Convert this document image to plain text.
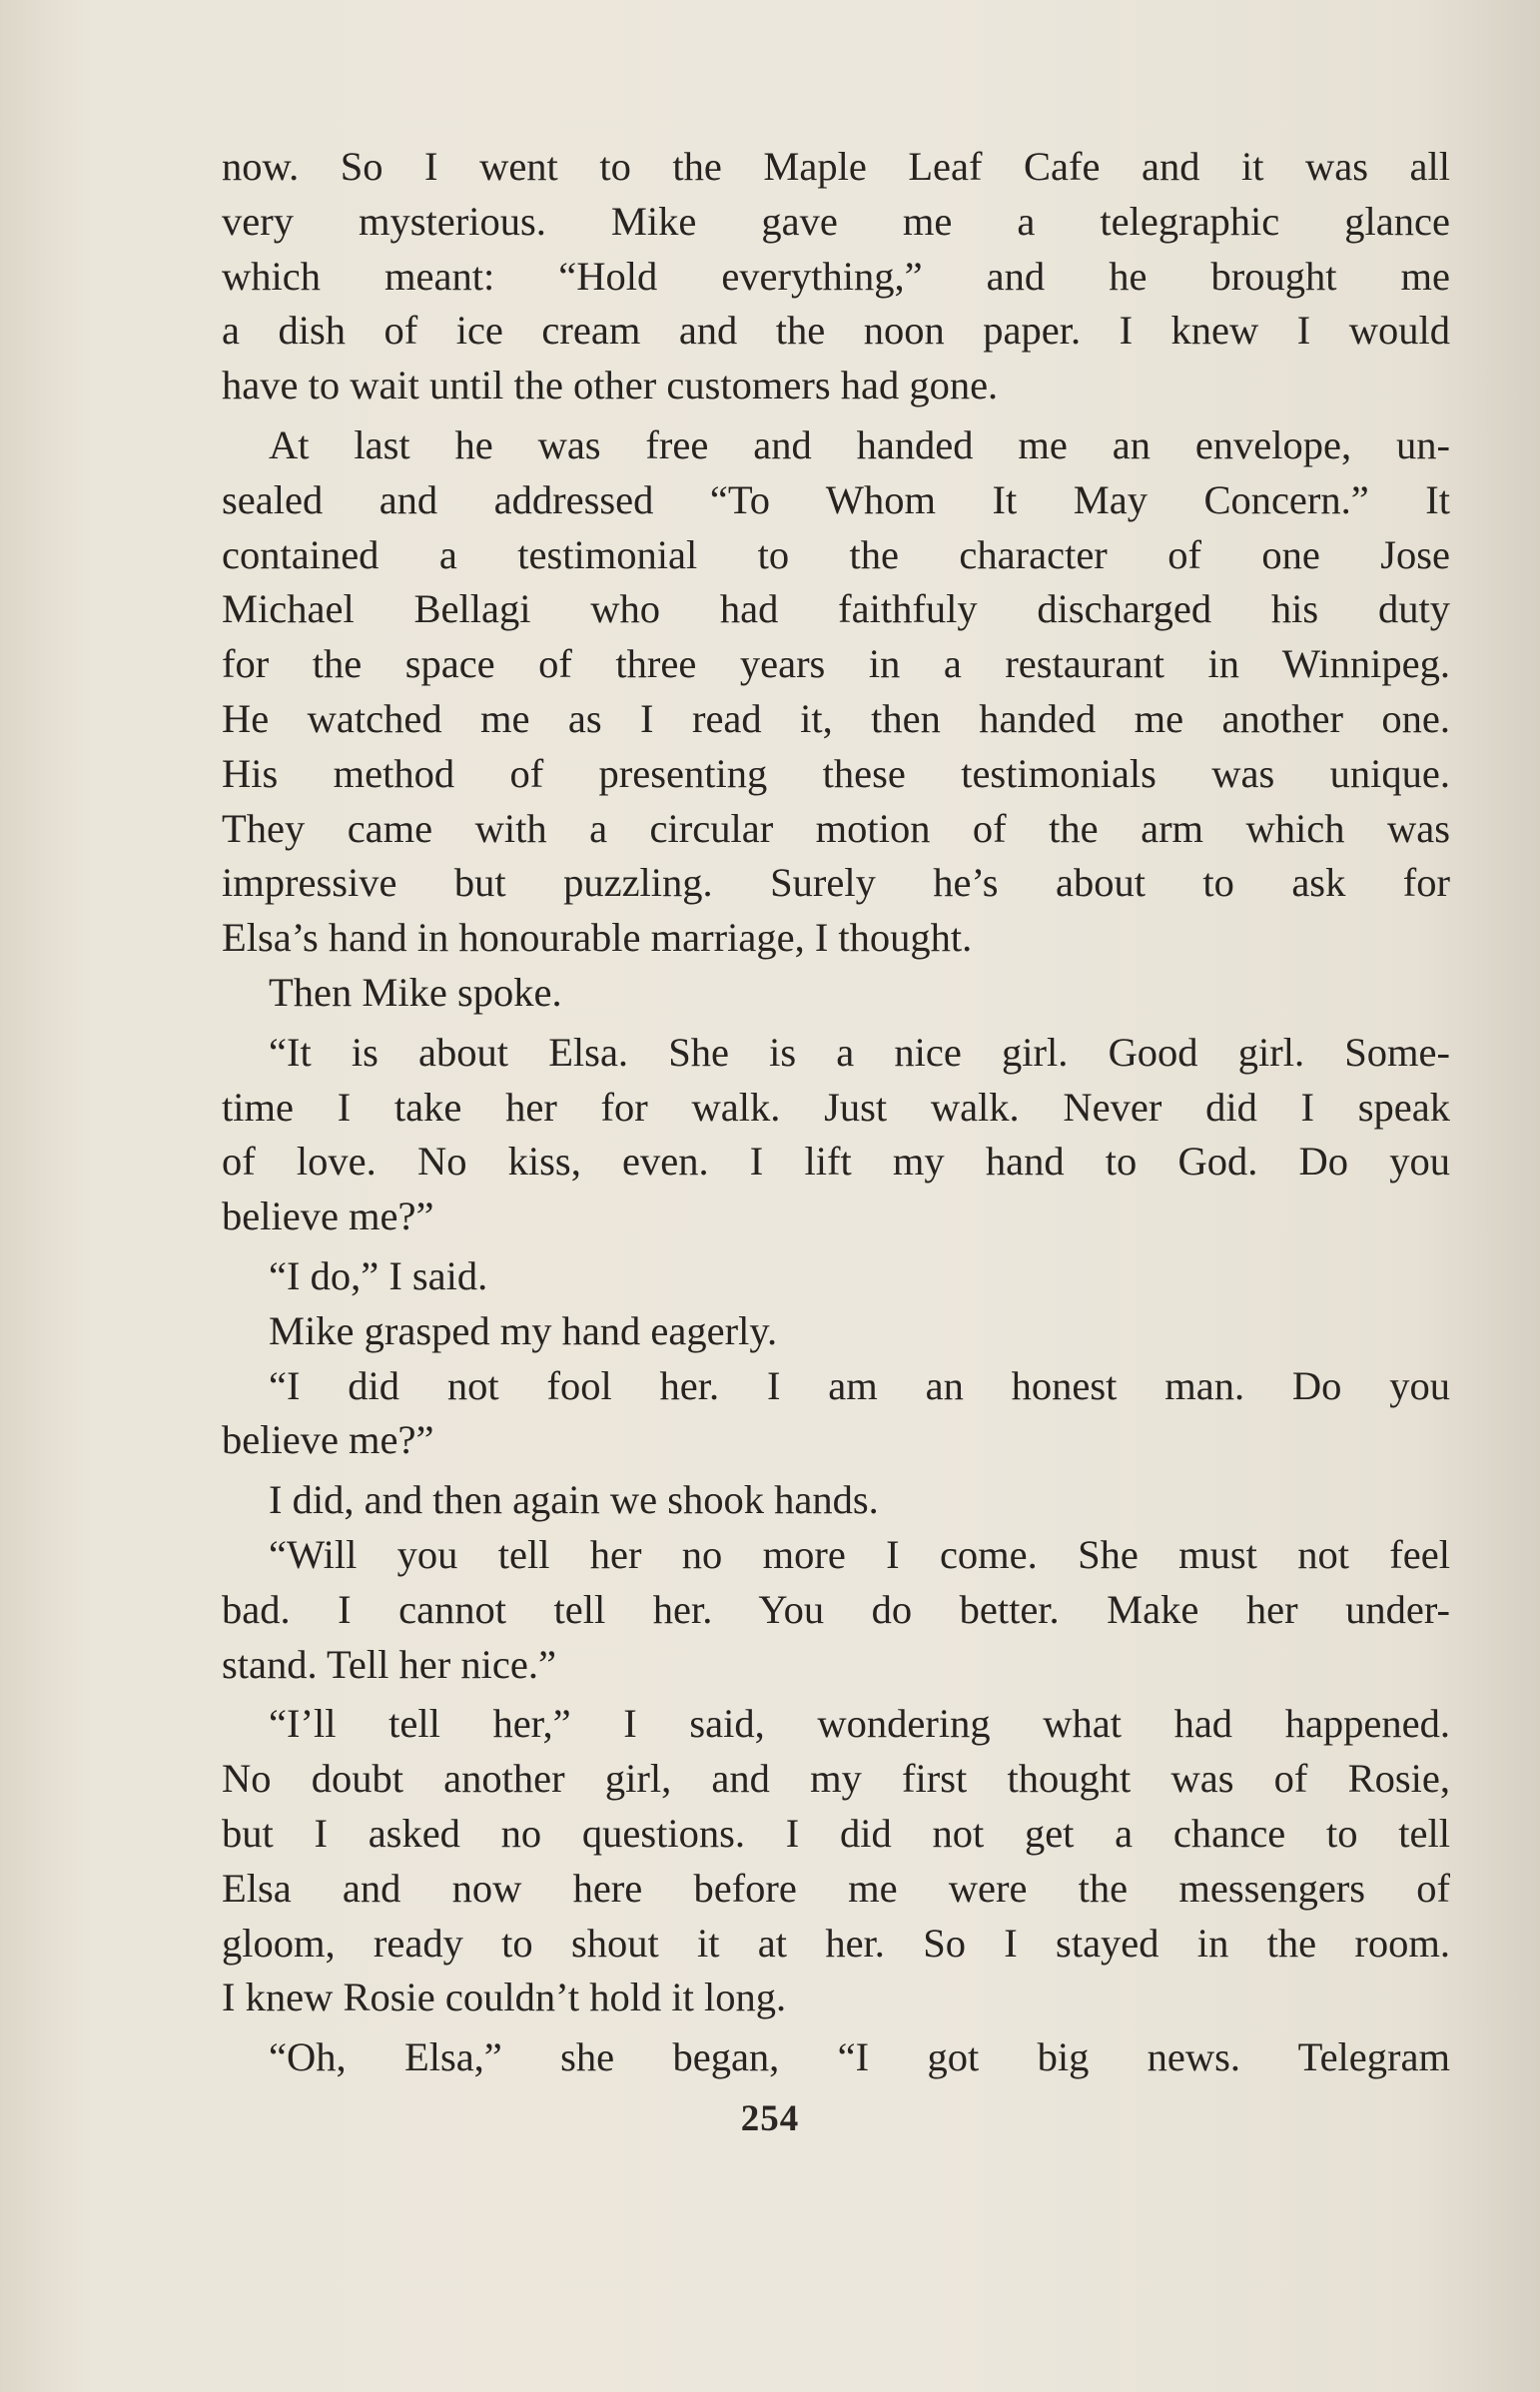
now. So I went to the Maple Leaf Cafe and it was all
very mysterious. Mike gave me a telegraphic glance
which meant: “Hold everything,” and he brought me
a dish of ice cream and the noon paper. I knew I would
have to wait until the other customers had gone.
At last he was free and handed me an envelope, un-
sealed and addressed “To Whom It May Concern.” It
contained a testimonial to the character of one Jose
Michael Bellagi who had faithfuly discharged his duty
for the space of three years in a restaurant in Winnipeg.
He watched me as I read it, then handed me another one.
His method of presenting these testimonials was unique.
They came with a circular motion of the arm which was
impressive but puzzling. Surely he’s about to ask for
Elsa’s hand in honourable marriage, I thought.
Then Mike spoke.
“It is about Elsa. She is a nice girl. Good girl. Some-
time I take her for walk. Just walk. Never did I speak
of love. No kiss, even. I lift my hand to God. Do you
believe me?”
“I do,” I said.
Mike grasped my hand eagerly.
“I did not fool her. I am an honest man. Do you
believe me?”
I did, and then again we shook hands.
“Will you tell her no more I come. She must not feel
bad. I cannot tell her. You do better. Make her under-
stand. Tell her nice.”
“I’ll tell her,” I said, wondering what had happened.
No doubt another girl, and my first thought was of Rosie,
but I asked no questions. I did not get a chance to tell
Elsa and now here before me were the messengers of
gloom, ready to shout it at her. So I stayed in the room.
I knew Rosie couldn’t hold it long.
“Oh, Elsa,” she began, “I got big news. Telegram
254
